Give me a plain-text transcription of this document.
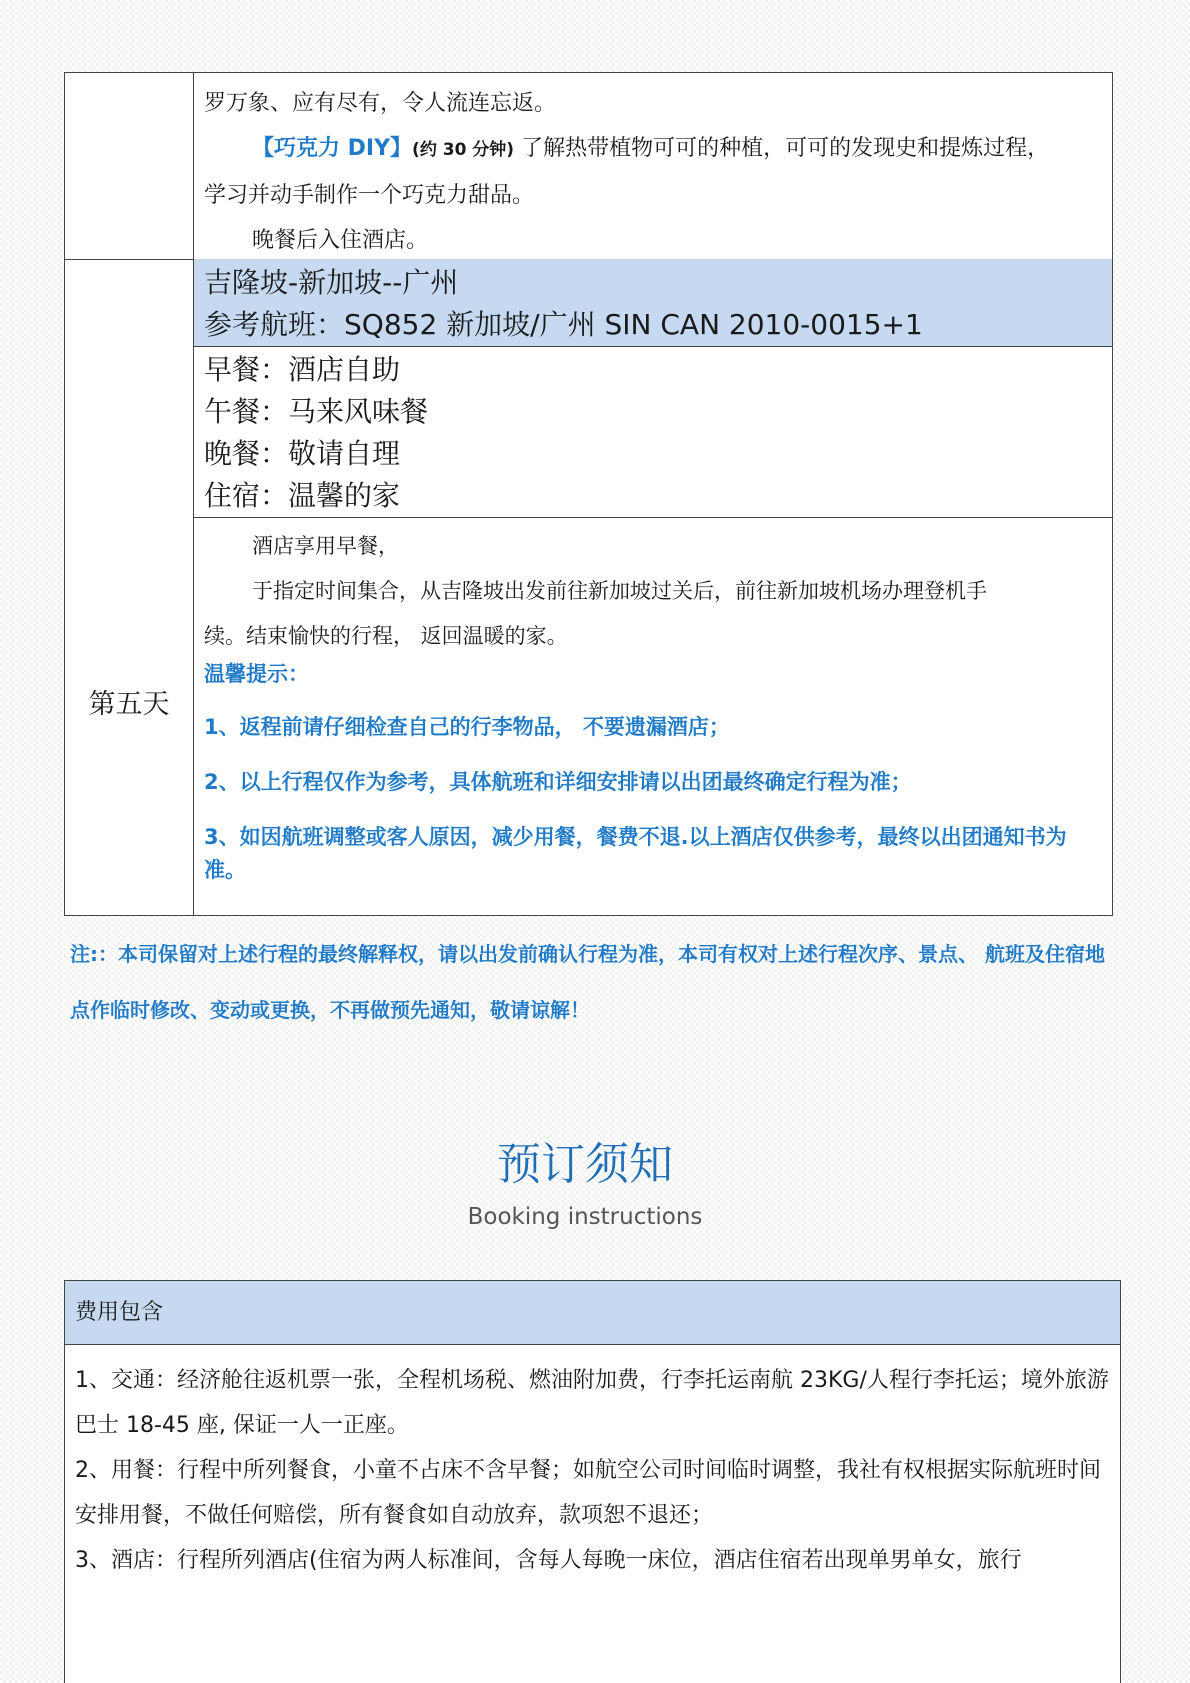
罗万象、应有尽有，令人流连忘返。
【巧克力 DIY】(约 30 分钟) 了解热带植物可可的种植，可可的发现史和提炼过程，
学习并动手制作一个巧克力甜品。
晚餐后入住酒店。
第五天
吉隆坡-新加坡--广州
参考航班：SQ852 新加坡/广州 SIN CAN 2010-0015+1
早餐：酒店自助
午餐：马来风味餐
晚餐：敬请自理
住宿：温馨的家
酒店享用早餐，
于指定时间集合，从吉隆坡出发前往新加坡过关后，前往新加坡机场办理登机手
续。结束愉快的行程， 返回温暖的家。
温馨提示：
1、返程前请仔细检查自己的行李物品， 不要遗漏酒店；
2、以上行程仅作为参考，具体航班和详细安排请以出团最终确定行程为准；
3、如因航班调整或客人原因，减少用餐，餐费不退.以上酒店仅供参考，最终以出团通知书为准。
注:：本司保留对上述行程的最终解释权，请以出发前确认行程为准，本司有权对上述行程次序、景点、 航班及住宿地点作临时修改、变动或更换，不再做预先通知，敬请谅解！
预订须知
Booking instructions
费用包含
1、交通：经济舱往返机票一张，全程机场税、燃油附加费，行李托运南航 23KG/人程行李托运；境外旅游巴士 18-45 座, 保证一人一正座。
2、用餐：行程中所列餐食，小童不占床不含早餐；如航空公司时间临时调整，我社有权根据实际航班时间安排用餐，不做任何赔偿，所有餐食如自动放弃，款项恕不退还；
3、酒店：行程所列酒店(住宿为两人标准间，含每人每晚一床位，酒店住宿若出现单男单女，旅行
